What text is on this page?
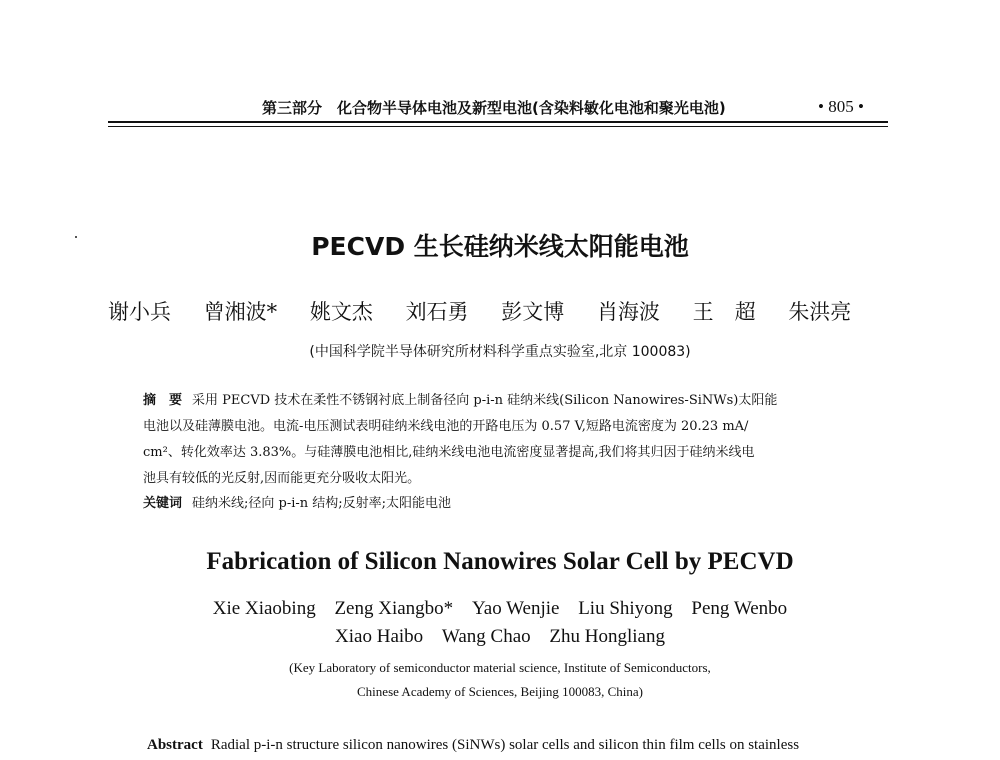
第三部分　化合物半导体电池及新型电池(含染料敏化电池和聚光电池)	• 805 •
PECVD 生长硅纳米线太阳能电池
谢小兵 曾湘波* 姚文杰 刘石勇 彭文博 肖海波 王　超 朱洪亮
(中国科学院半导体研究所材料科学重点实验室,北京 100083)
摘　要 采用 PECVD 技术在柔性不锈钢衬底上制备径向 p-i-n 硅纳米线(Silicon Nanowires-SiNWs)太阳能
电池以及硅薄膜电池。电流-电压测试表明硅纳米线电池的开路电压为 0.57 V,短路电流密度为 20.23 mA/
cm²、转化效率达 3.83%。与硅薄膜电池相比,硅纳米线电池电流密度显著提高,我们将其归因于硅纳米线电
池具有较低的光反射,因而能更充分吸收太阳光。
关键词 硅纳米线;径向 p-i-n 结构;反射率;太阳能电池
Fabrication of Silicon Nanowires Solar Cell by PECVD
Xie Xiaobing Zeng Xiangbo* Yao Wenjie Liu Shiyong Peng Wenbo
Xiao Haibo Wang Chao Zhu Hongliang
(Key Laboratory of semiconductor material science, Institute of Semiconductors,
Chinese Academy of Sciences, Beijing 100083, China)
Abstract Radial p-i-n structure silicon nanowires (SiNWs) solar cells and silicon thin film cells on stainless
